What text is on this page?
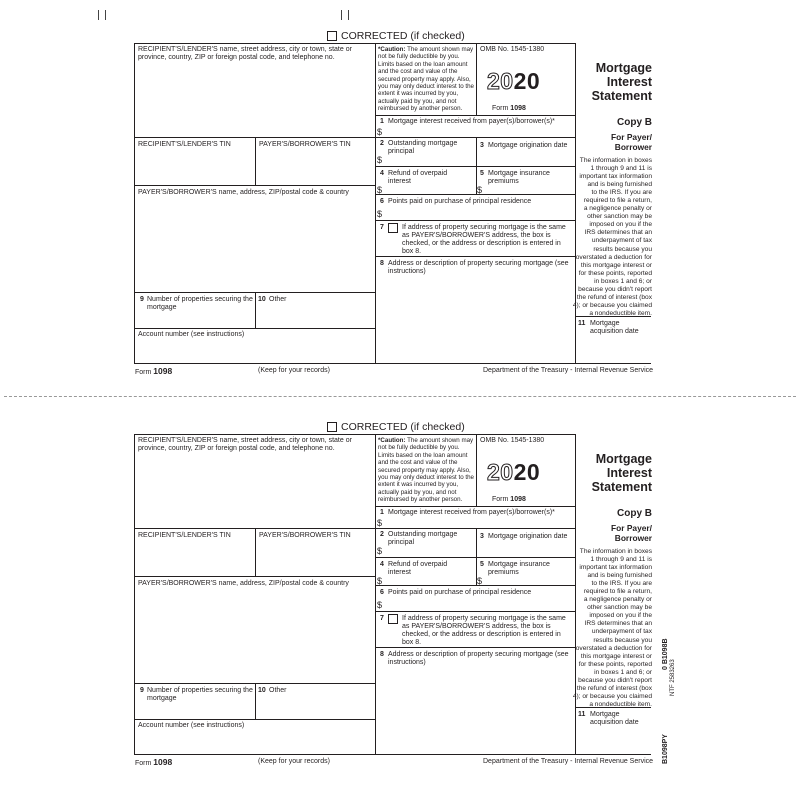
CORRECTED (if checked)
RECIPIENT'S/LENDER'S name, street address, city or town, state or province, country, ZIP or foreign postal code, and telephone no.
RECIPIENT'S/LENDER'S TIN	PAYER'S/BORROWER'S TIN
PAYER'S/BORROWER'S name, address, ZIP/postal code & country
9 Number of properties securing the mortgage
10 Other
Account number (see instructions)
*Caution: The amount shown may not be fully deductible by you. Limits based on the loan amount and the cost and value of the secured property may apply. Also, you may only deduct interest to the extent it was incurred by you, actually paid by you, and not reimbursed by another person.
OMB No. 1545-1380
2020
Form 1098
1 Mortgage interest received from payer(s)/borrower(s)*
$
2 Outstanding mortgage principal
$
3 Mortgage origination date
4 Refund of overpaid interest
$
5 Mortgage insurance premiums
$
6 Points paid on purchase of principal residence
$
7	If address of property securing mortgage is the same as PAYER'S/BORROWER'S address, the box is checked, or the address or description is entered in box 8.
8 Address or description of property securing mortgage (see instructions)
Mortgage
Interest
Statement
Copy B
For Payer/
Borrower
The information in boxes
1 through 9 and 11 is
important tax information
and is being furnished
to the IRS. If you are
required to file a return,
a negligence penalty or
other sanction may be
imposed on you if the
IRS determines that an
underpayment of tax
results because you
overstated a deduction for
this mortgage interest or
for these points, reported
in boxes 1 and 6; or
because you didn't report
the refund of interest (box
4); or because you claimed
a nondeductible item.
11 Mortgage acquisition date
Form 1098	(Keep for your records)	Department of the Treasury - Internal Revenue Service
CORRECTED (if checked)
RECIPIENT'S/LENDER'S name, street address, city or town, state or province, country, ZIP or foreign postal code, and telephone no.
RECIPIENT'S/LENDER'S TIN	PAYER'S/BORROWER'S TIN
PAYER'S/BORROWER'S name, address, ZIP/postal code & country
9 Number of properties securing the mortgage
10 Other
Account number (see instructions)
*Caution: The amount shown may not be fully deductible by you. Limits based on the loan amount and the cost and value of the secured property may apply. Also, you may only deduct interest to the extent it was incurred by you, actually paid by you, and not reimbursed by another person.
OMB No. 1545-1380
2020
Form 1098
1 Mortgage interest received from payer(s)/borrower(s)*
$
2 Outstanding mortgage principal
$
3 Mortgage origination date
4 Refund of overpaid interest
$
5 Mortgage insurance premiums
$
6 Points paid on purchase of principal residence
$
7	If address of property securing mortgage is the same as PAYER'S/BORROWER'S address, the box is checked, or the address or description is entered in box 8.
8 Address or description of property securing mortgage (see instructions)
Mortgage
Interest
Statement
Copy B
For Payer/
Borrower
The information in boxes
1 through 9 and 11 is
important tax information
and is being furnished
to the IRS. If you are
required to file a return,
a negligence penalty or
other sanction may be
imposed on you if the
IRS determines that an
underpayment of tax
results because you
overstated a deduction for
this mortgage interest or
for these points, reported
in boxes 1 and 6; or
because you didn't report
the refund of interest (box
4); or because you claimed
a nondeductible item.
11 Mortgage acquisition date
Form 1098	(Keep for your records)	Department of the Treasury - Internal Revenue Service B1098PY
0 B1098B
NTF 2583263
